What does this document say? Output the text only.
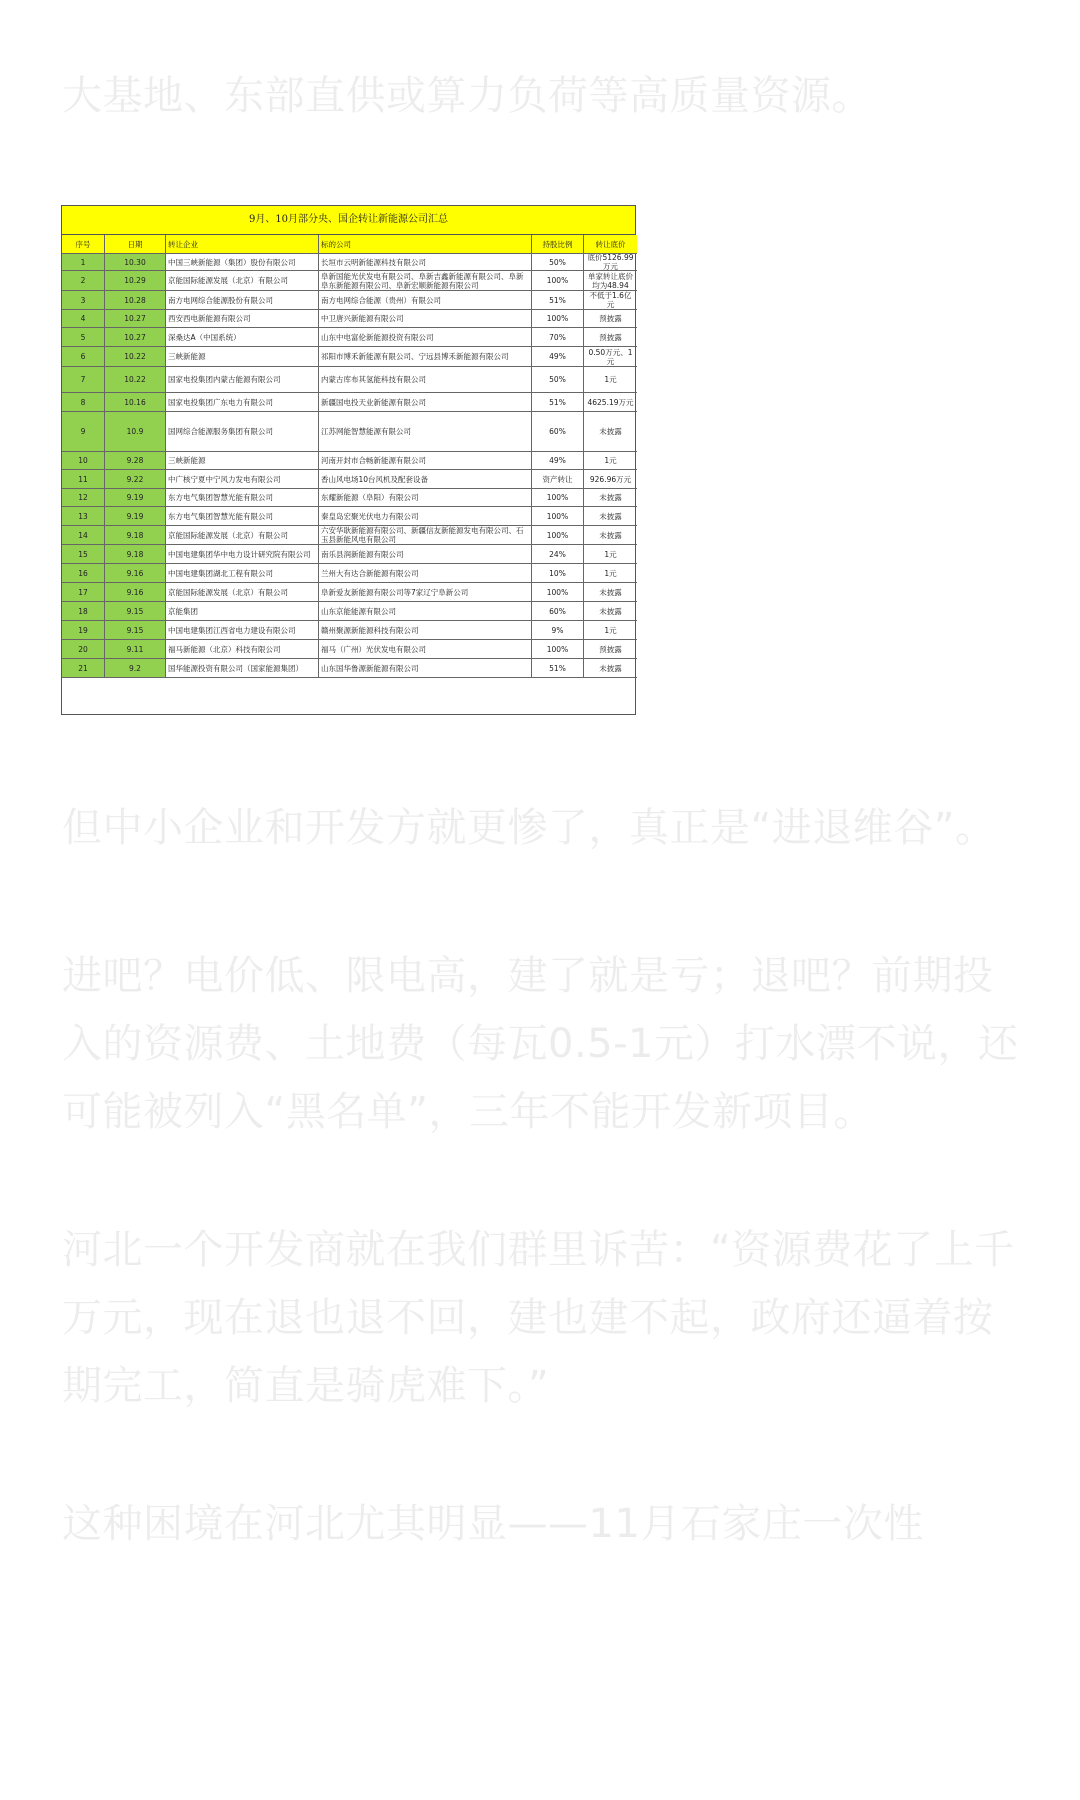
大基地、东部直供或算力负荷等高质量资源。

9月、10月部分央、国企转让新能源公司汇总
序号	日期	转让企业	标的公司	持股比例	转让底价
1	10.30	中国三峡新能源（集团）股份有限公司	长垣市云明新能源科技有限公司	50%	底价5126.99万元
2	10.29	京能国际能源发展（北京）有限公司	阜新国能光伏发电有限公司、阜新吉鑫新能源有限公司、阜新阜东新能源有限公司、阜新宏顺新能源有限公司	100%	单家转让底价均为48.94
3	10.28	南方电网综合能源股份有限公司	南方电网综合能源（贵州）有限公司	51%	不低于1.6亿元
4	10.27	西安西电新能源有限公司	中卫唐兴新能源有限公司	100%	预披露
5	10.27	深桑达A（中国系统）	山东中电富伦新能源投资有限公司	70%	预披露
6	10.22	三峡新能源	祁阳市博禾新能源有限公司、宁远县博禾新能源有限公司	49%	0.50万元、1元
7	10.22	国家电投集团内蒙古能源有限公司	内蒙古库布其氢能科技有限公司	50%	1元
8	10.16	国家电投集团广东电力有限公司	新疆国电投天业新能源有限公司	51%	4625.19万元
9	10.9	国网综合能源服务集团有限公司	江苏网能智慧能源有限公司	60%	未披露
10	9.28	三峡新能源	河南开封市合畅新能源有限公司	49%	1元
11	9.22	中广核宁夏中宁风力发电有限公司	香山风电场10台风机及配套设备	资产转让	926.96万元
12	9.19	东方电气集团智慧光能有限公司	东耀新能源（阜阳）有限公司	100%	未披露
13	9.19	东方电气集团智慧光能有限公司	秦皇岛宏聚光伏电力有限公司	100%	未披露
14	9.18	京能国际能源发展（北京）有限公司	六安华耿新能源有限公司、新疆信友新能源发电有限公司、石玉县新能风电有限公司	100%	未披露
15	9.18	中国电建集团华中电力设计研究院有限公司	南乐县润新能源有限公司	24%	1元
16	9.16	中国电建集团湖北工程有限公司	兰州大有达合新能源有限公司	10%	1元
17	9.16	京能国际能源发展（北京）有限公司	阜新爱友新能源有限公司等7家辽宁阜新公司	100%	未披露
18	9.15	京能集团	山东京能能源有限公司	60%	未披露
19	9.15	中国电建集团江西省电力建设有限公司	赣州聚源新能源科技有限公司	9%	1元
20	9.11	福马新能源（北京）科技有限公司	福马（广州）光伏发电有限公司	100%	预披露
21	9.2	国华能源投资有限公司（国家能源集团）	山东国华鲁源新能源有限公司	51%	未披露

但中小企业和开发方就更惨了，真正是“进退维谷”。

进吧？电价低、限电高，建了就是亏；退吧？前期投入的资源费、土地费（每瓦0.5-1元）打水漂不说，还可能被列入“黑名单”，三年不能开发新项目。

河北一个开发商就在我们群里诉苦：“资源费花了上千万元，现在退也退不回，建也建不起，政府还逼着按期完工，简直是骑虎难下。”

这种困境在河北尤其明显——11月石家庄一次性
